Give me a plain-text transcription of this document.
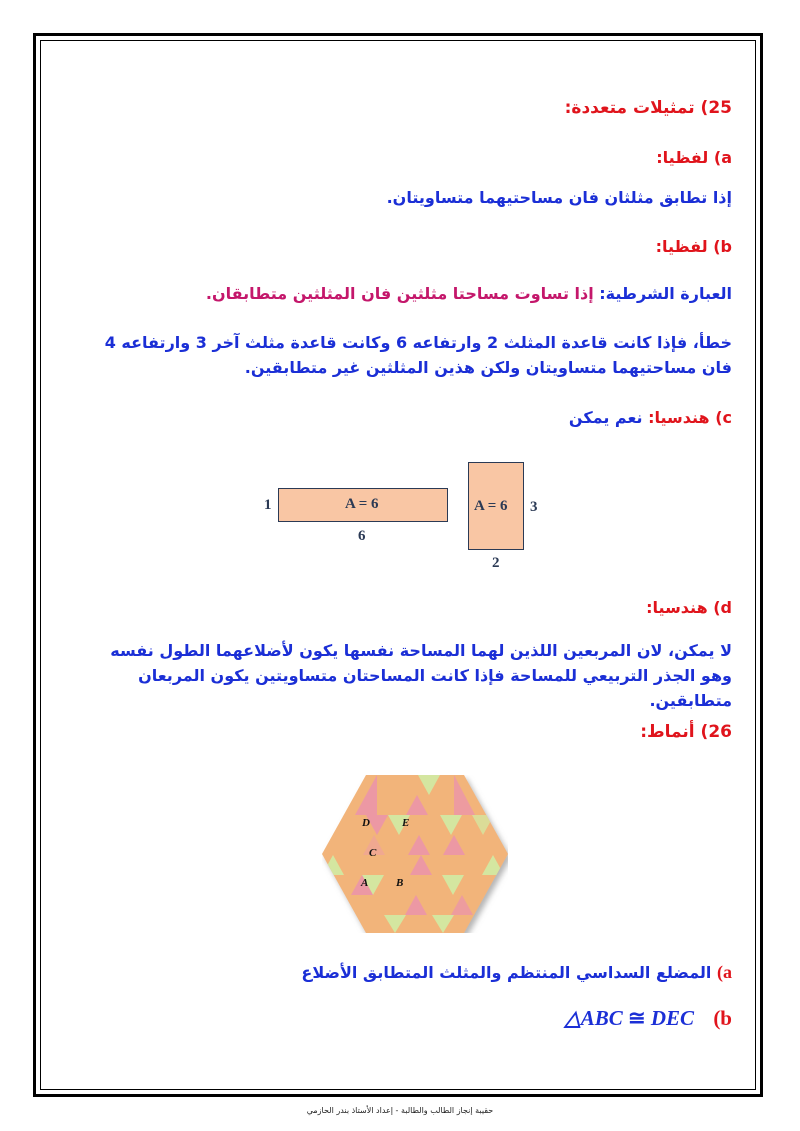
25) تمثيلات متعددة:
a) لفظيا:
إذا تطابق مثلثان فان مساحتيهما متساويتان.
b) لفظيا:
العبارة الشرطية: إذا تساوت مساحتا مثلثين فان المثلثين متطابقان.
خطأ، فإذا كانت قاعدة المثلث 2 وارتفاعه 6 وكانت قاعدة مثلث آخر 3 وارتفاعه 4 فان مساحتيهما متساويتان ولكن هذين المثلثين غير متطابقين.
c) هندسيا: نعم يمكن
A = 6
1
6
A = 6 3
2
d) هندسيا:
لا يمكن، لان المربعين اللذين لهما المساحة نفسها يكون لأضلاعهما الطول نفسه وهو الجذر التربيعي للمساحة فإذا كانت المساحتان متساويتين يكون المربعان متطابقين.
26) أنماط:
D	E
C
A	B
a) المضلع السداسي المنتظم والمثلث المتطابق الأضلاع
△ABC ≅ DEC (b
حقيبة إنجاز الطالب والطالبة - إعداد الأستاذ بندر الحازمي
